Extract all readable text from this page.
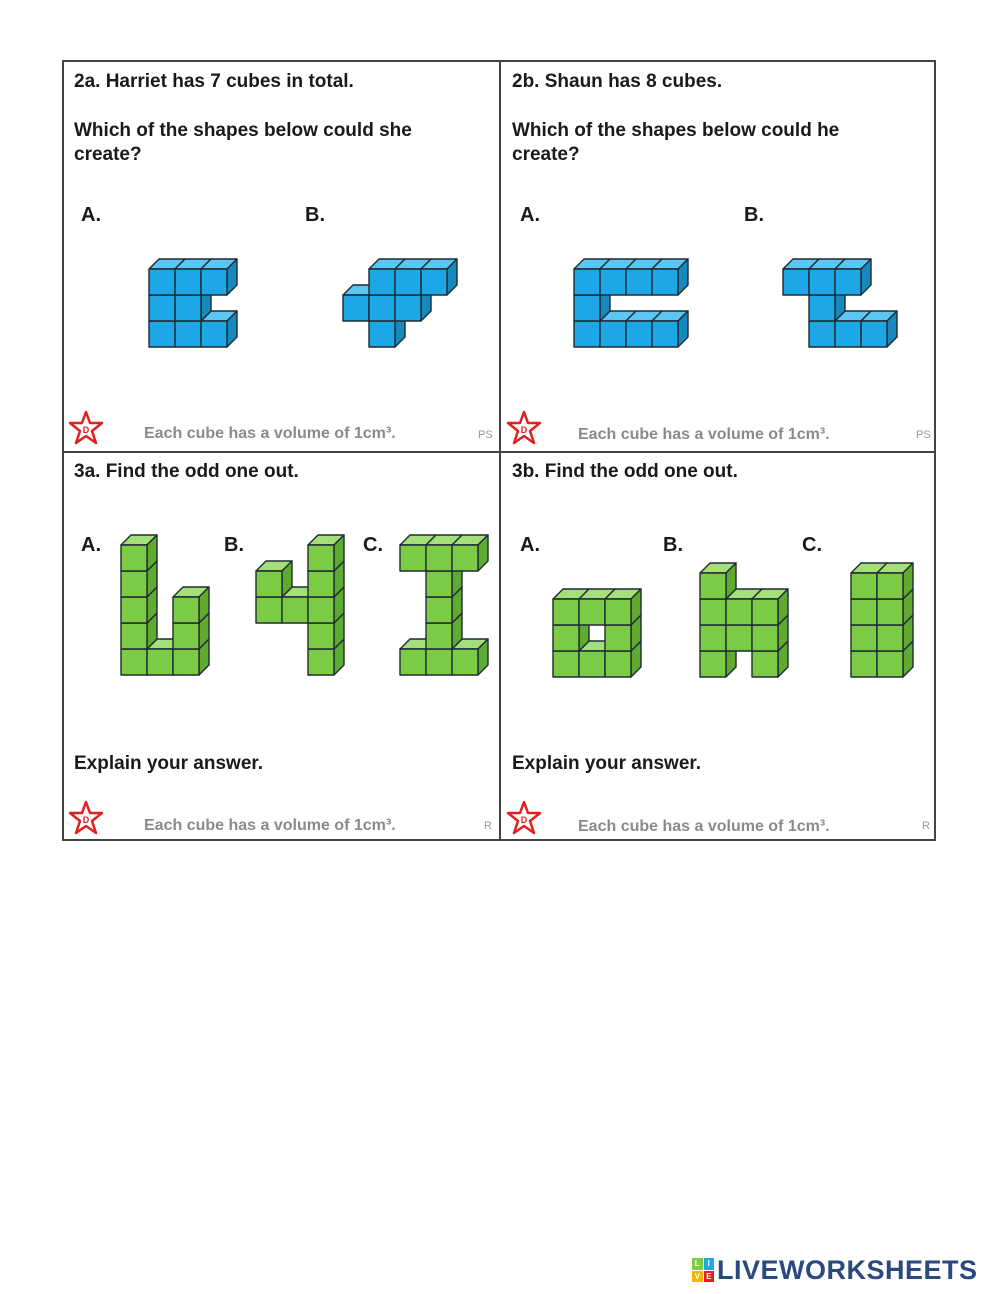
2a. Harriet has 7 cubes in total.
Which of the shapes below could she
create?
A.	B.
D	Each cube has a volume of 1cm³.	PS
2b. Shaun has 8 cubes.
Which of the shapes below could he
create?
A.	B.
D	Each cube has a volume of 1cm³.	PS
3a. Find the odd one out.
A.	B.	C.
Explain your answer.
D	Each cube has a volume of 1cm³.	R
3b. Find the odd one out.
A.	B.	C.
Explain your answer.
D	Each cube has a volume of 1cm³.	R
L I
V E LIVEWORKSHEETS
